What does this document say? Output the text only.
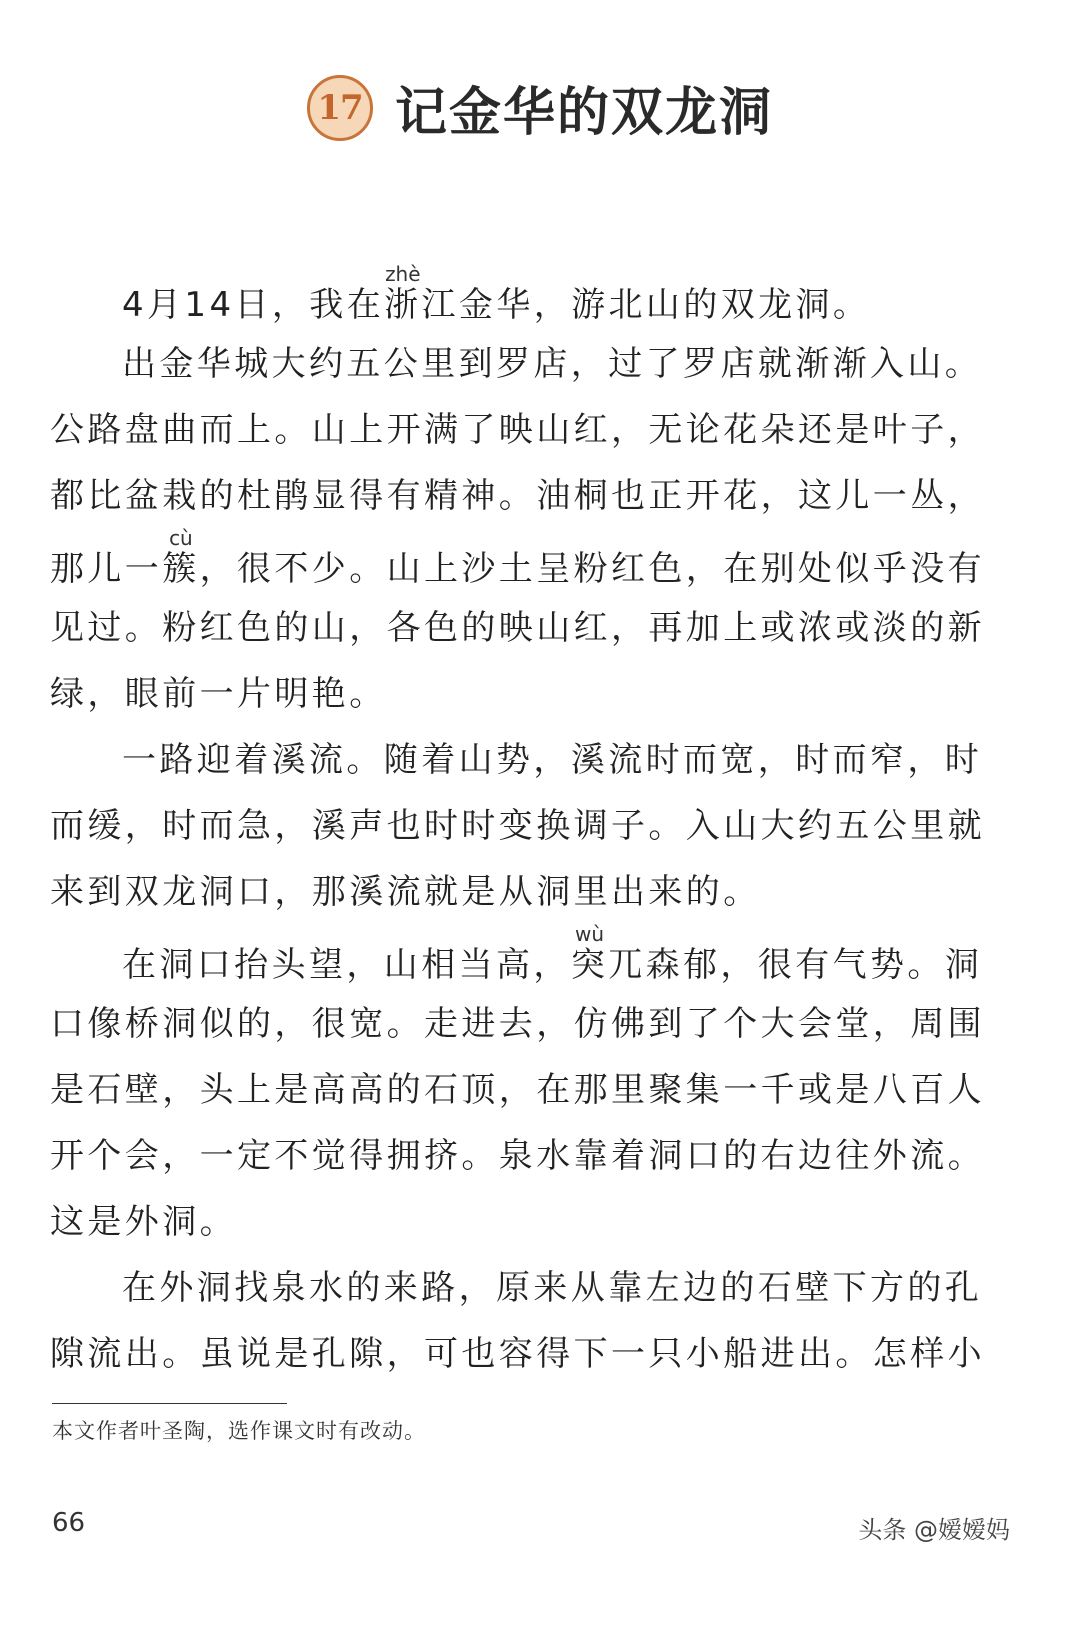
17 记金华的双龙洞
4月14日，我在浙zhè江金华，游北山的双龙洞。
出金华城大约五公里到罗店，过了罗店就渐渐入山。
公路盘曲而上。山上开满了映山红，无论花朵还是叶子，
都比盆栽的杜鹃显得有精神。油桐也正开花，这儿一丛，
那儿一簇cù，很不少。山上沙土呈粉红色，在别处似乎没有
见过。粉红色的山，各色的映山红，再加上或浓或淡的新
绿，眼前一片明艳。
一路迎着溪流。随着山势，溪流时而宽，时而窄，时
而缓，时而急，溪声也时时变换调子。入山大约五公里就
来到双龙洞口，那溪流就是从洞里出来的。
在洞口抬头望，山相当高，突wù兀森郁，很有气势。洞
口像桥洞似的，很宽。走进去，仿佛到了个大会堂，周围
是石壁，头上是高高的石顶，在那里聚集一千或是八百人
开个会，一定不觉得拥挤。泉水靠着洞口的右边往外流。
这是外洞。
在外洞找泉水的来路，原来从靠左边的石壁下方的孔
隙流出。虽说是孔隙，可也容得下一只小船进出。怎样小
本文作者叶圣陶，选作课文时有改动。
66	头条 @嫒嫒妈
